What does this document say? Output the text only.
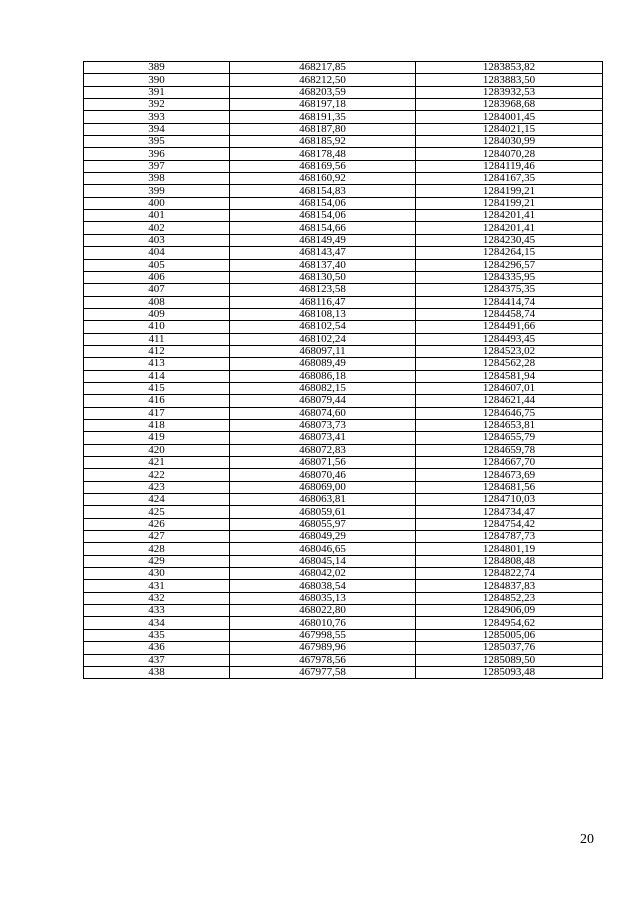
389	468217,85	1283853,82
390	468212,50	1283883,50
391	468203,59	1283932,53
392	468197,18	1283968,68
393	468191,35	1284001,45
394	468187,80	1284021,15
395	468185,92	1284030,99
396	468178,48	1284070,28
397	468169,56	1284119,46
398	468160,92	1284167,35
399	468154,83	1284199,21
400	468154,06	1284199,21
401	468154,06	1284201,41
402	468154,66	1284201,41
403	468149,49	1284230,45
404	468143,47	1284264,15
405	468137,40	1284296,57
406	468130,50	1284335,95
407	468123,58	1284375,35
408	468116,47	1284414,74
409	468108,13	1284458,74
410	468102,54	1284491,66
411	468102,24	1284493,45
412	468097,11	1284523,02
413	468089,49	1284562,28
414	468086,18	1284581,94
415	468082,15	1284607,01
416	468079,44	1284621,44
417	468074,60	1284646,75
418	468073,73	1284653,81
419	468073,41	1284655,79
420	468072,83	1284659,78
421	468071,56	1284667,70
422	468070,46	1284673,69
423	468069,00	1284681,56
424	468063,81	1284710,03
425	468059,61	1284734,47
426	468055,97	1284754,42
427	468049,29	1284787,73
428	468046,65	1284801,19
429	468045,14	1284808,48
430	468042,02	1284822,74
431	468038,54	1284837,83
432	468035,13	1284852,23
433	468022,80	1284906,09
434	468010,76	1284954,62
435	467998,55	1285005,06
436	467989,96	1285037,76
437	467978,56	1285089,50
438	467977,58	1285093,48
20
